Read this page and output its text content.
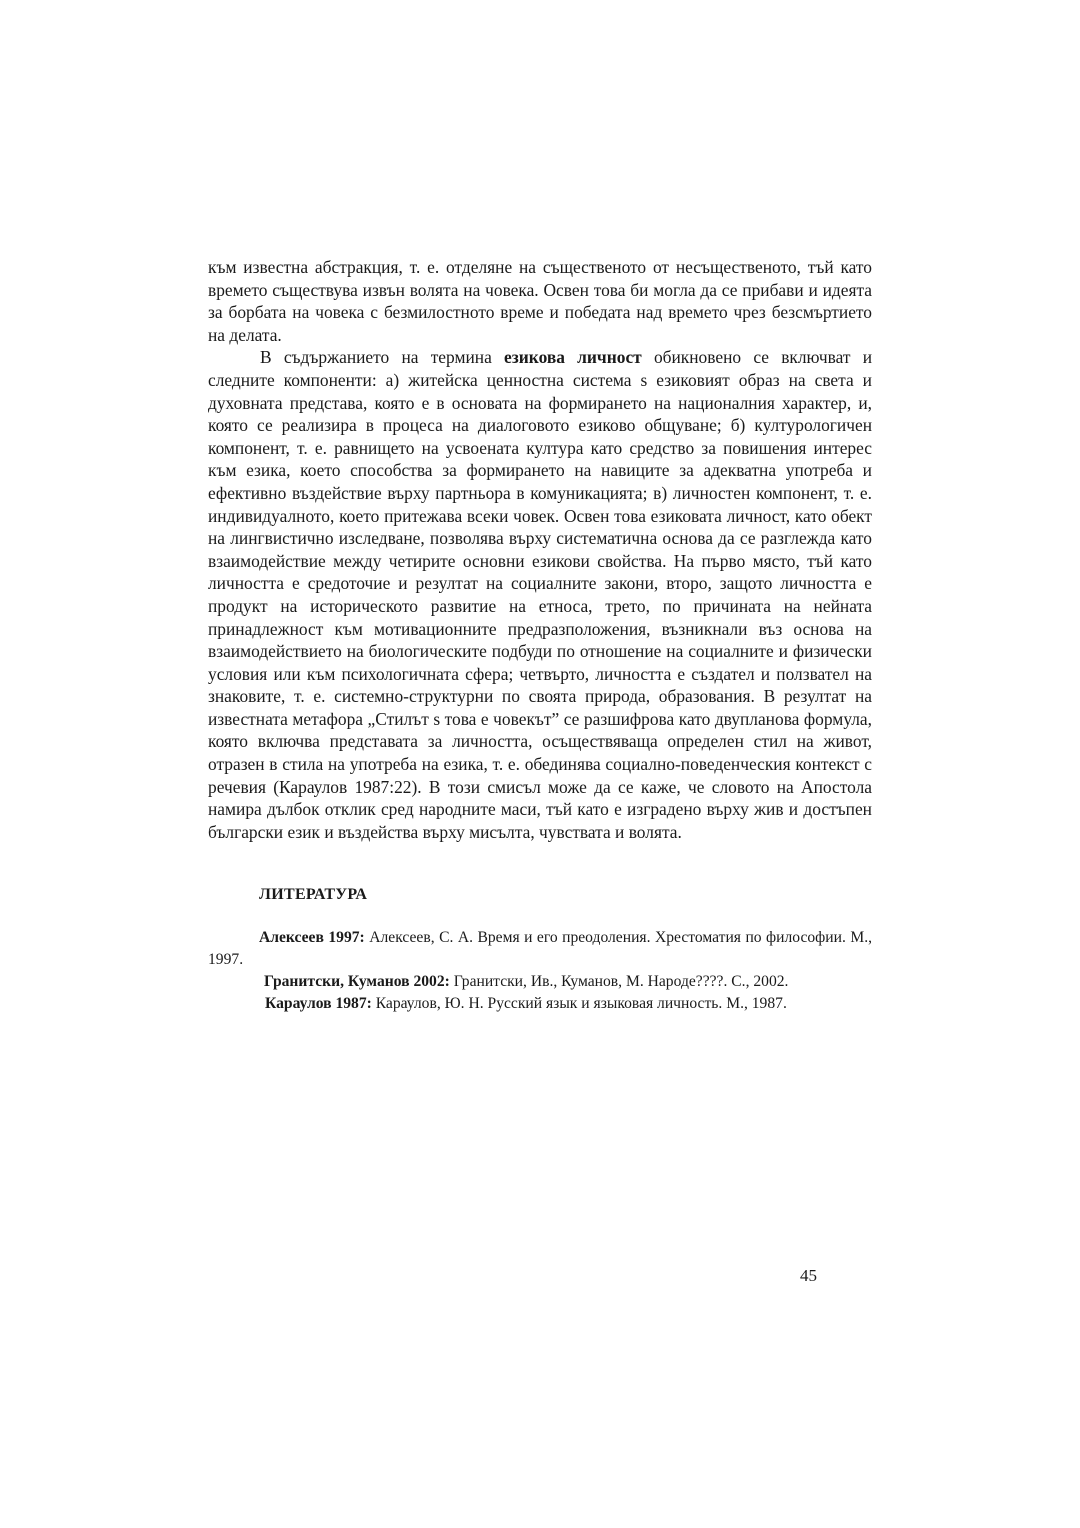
към известна абстракция, т. е. отделяне на същественото от несъщественото, тъй като времето съществува извън волята на човека. Освен това би могла да се прибави и идеята за борбата на човека с безмилостното време и победата над времето чрез безсмъртието на делата.

В съдържанието на термина езикова личност обикновено се включват и следните компоненти: а) житейска ценностна система s езиковият образ на света и духовната представа, която е в основата на формирането на националния характер, и, която се реализира в процеса на диалоговото езиково общуване; б) културологичен компонент, т. е. равнището на усвоената култура като средство за повишения интерес към езика, което способства за формирането на навиците за адекватна употреба и ефективно въздействие върху партньора в комуникацията; в) личностен компонент, т. е. индивидуалното, което притежава всеки човек. Освен това езиковата личност, като обект на лингвистично изследване, позволява върху систематична основа да се разглежда като взаимодействие между четирите основни езикови свойства. На първо място, тъй като личността е средоточие и резултат на социалните закони, второ, защото личността е продукт на историческото развитие на етноса, трето, по причината на нейната принадлежност към мотивационните предразположения, възникнали въз основа на взаимодействието на биологическите подбуди по отношение на социалните и физически условия или към психологичната сфера; четвърто, личността е създател и ползвател на знаковите, т. е. системно-структурни по своята природа, образования. В резултат на известната метафора „Стилът s това е човекът” се разшифрова като двупланова формула, която включва представата за личността, осъществяваща определен стил на живот, отразен в стила на употреба на езика, т. е. обединява социално-поведенческия контекст с речевия (Караулов 1987:22). В този смисъл може да се каже, че словото на Апостола намира дълбок отклик сред народните маси, тъй като е изградено върху жив и достъпен български език и въздейства върху мисълта, чувствата и волята.

ЛИТЕРАТУРА

Алексеев 1997: Алексеев, С. А. Время и его преодоления. Хрестоматия по философии. М., 1997.

Гранитски, Куманов 2002: Гранитски, Ив., Куманов, М. Народе????. С., 2002.

Караулов 1987: Караулов, Ю. Н. Русский язык и языковая личность. М., 1987.

45
